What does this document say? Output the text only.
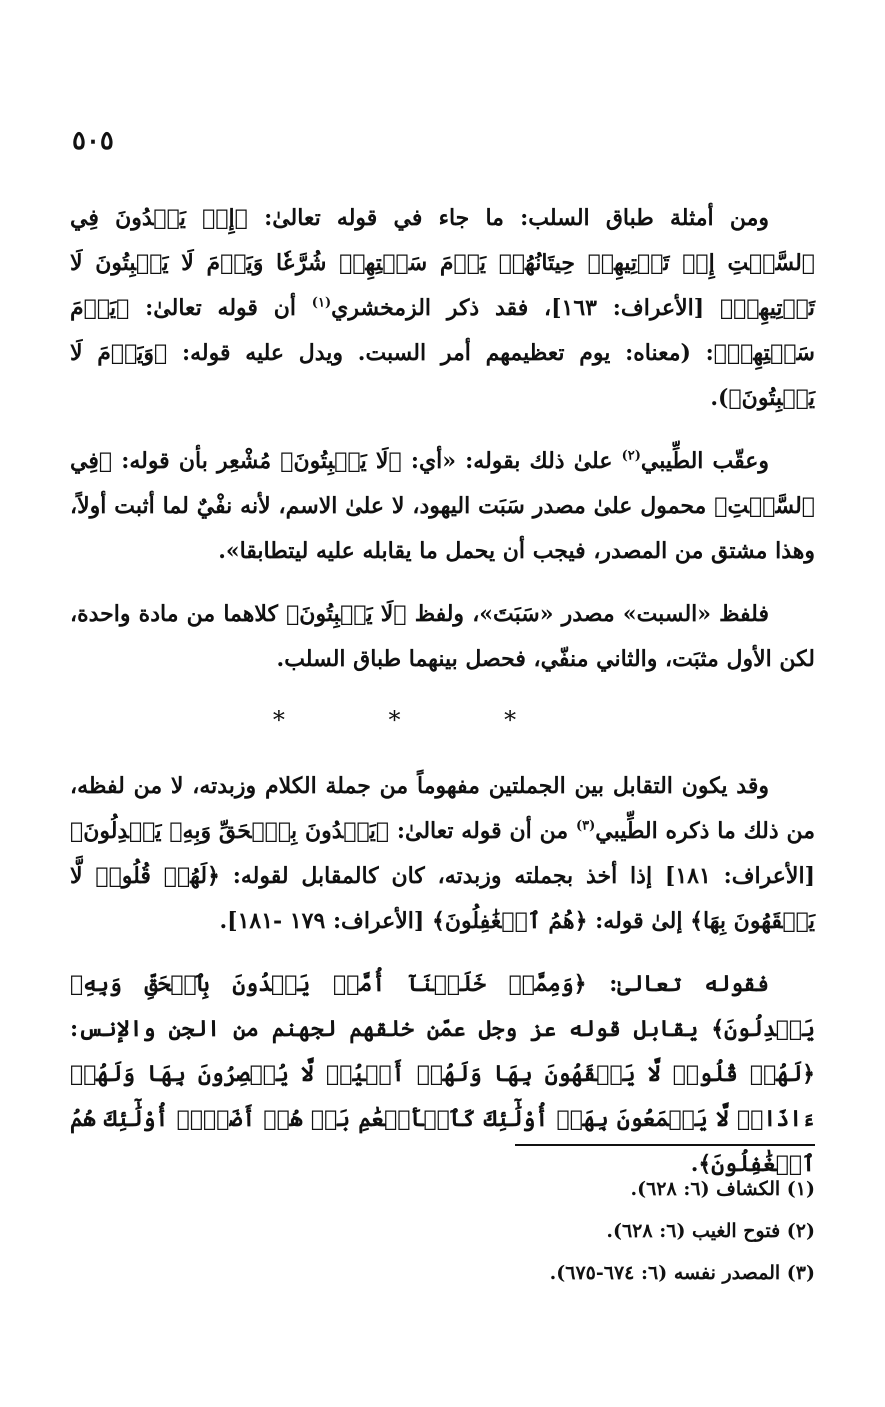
٥٠٥

ومن أمثلة طباق السلب: ما جاء في قوله تعالىٰ: ﴿إِذۡ يَعۡدُونَ فِي ٱلسَّبۡتِ إِذۡ تَأۡتِيهِمۡ حِيتَانُهُمۡ يَوۡمَ سَبۡتِهِمۡ شُرَّعٗا وَيَوۡمَ لَا يَسۡبِتُونَ لَا تَأۡتِيهِمۡ﴾ [الأعراف: ١٦٣]، فقد ذكر الزمخشري$^{(١)}$ أن قوله تعالىٰ: ﴿يَوۡمَ سَبۡتِهِمۡ﴾: (معناه: يوم تعظيمهم أمر السبت. ويدل عليه قوله: ﴿وَيَوۡمَ لَا يَسۡبِتُونَ﴾).

وعقّب الطِّيبي$^{(٢)}$ علىٰ ذلك بقوله: «أي: ﴿لَا يَسۡبِتُونَ﴾ مُشْعِر بأن قوله: ﴿فِي ٱلسَّبۡتِ﴾ محمول علىٰ مصدر سَبَت اليهود، لا علىٰ الاسم، لأنه نفْيٌ لما أثبت أولاً، وهذا مشتق من المصدر، فيجب أن يحمل ما يقابله عليه ليتطابقا».

فلفظ «السبت» مصدر «سَبَتَ»، ولفظ ﴿لَا يَسۡبِتُونَ﴾ كلاهما من مادة واحدة، لكن الأول مثبَت، والثاني منفّي، فحصل بينهما طباق السلب.

* * *

وقد يكون التقابل بين الجملتين مفهوماً من جملة الكلام وزبدته، لا من لفظه، من ذلك ما ذكره الطِّيبي$^{(٣)}$ من أن قوله تعالىٰ: ﴿يَهۡدُونَ بِٱلۡحَقِّ وَبِهِۦ يَعۡدِلُونَ﴾ [الأعراف: ١٨١] إذا أخذ بجملته وزبدته، كان كالمقابل لقوله: ﴿لَهُمۡ قُلُوبٞ لَّا يَفۡقَهُونَ بِهَا﴾ إلىٰ قوله: ﴿هُمُ ٱلۡغَٰفِلُونَ﴾ [الأعراف: ١٧٩ -١٨١].

فقوله تعالىٰ: ﴿وَمِمَّنۡ خَلَقۡنَآ أُمَّةٞ يَهۡدُونَ بِٱلۡحَقِّ وَبِهِۦ يَعۡدِلُونَ﴾ يقابل قوله عز وجل عمّن خلقهم لجهنم من الجن والإنس: ﴿لَهُمۡ قُلُوبٞ لَّا يَفۡقَهُونَ بِهَا وَلَهُمۡ أَعۡيُنٞ لَّا يُبۡصِرُونَ بِهَا وَلَهُمۡ ءَاذَانٞ لَّا يَسۡمَعُونَ بِهَآۚ أُوْلَٰٓئِكَ كَٱلۡأَنۡعَٰمِ بَلۡ هُمۡ أَضَلُّۚ أُوْلَٰٓئِكَ هُمُ ٱلۡغَٰفِلُونَ﴾.

(١) الكشاف (٦: ٦٢٨).

(٢) فتوح الغيب (٦: ٦٢٨).

(٣) المصدر نفسه (٦: ٦٧٤-٦٧٥).
